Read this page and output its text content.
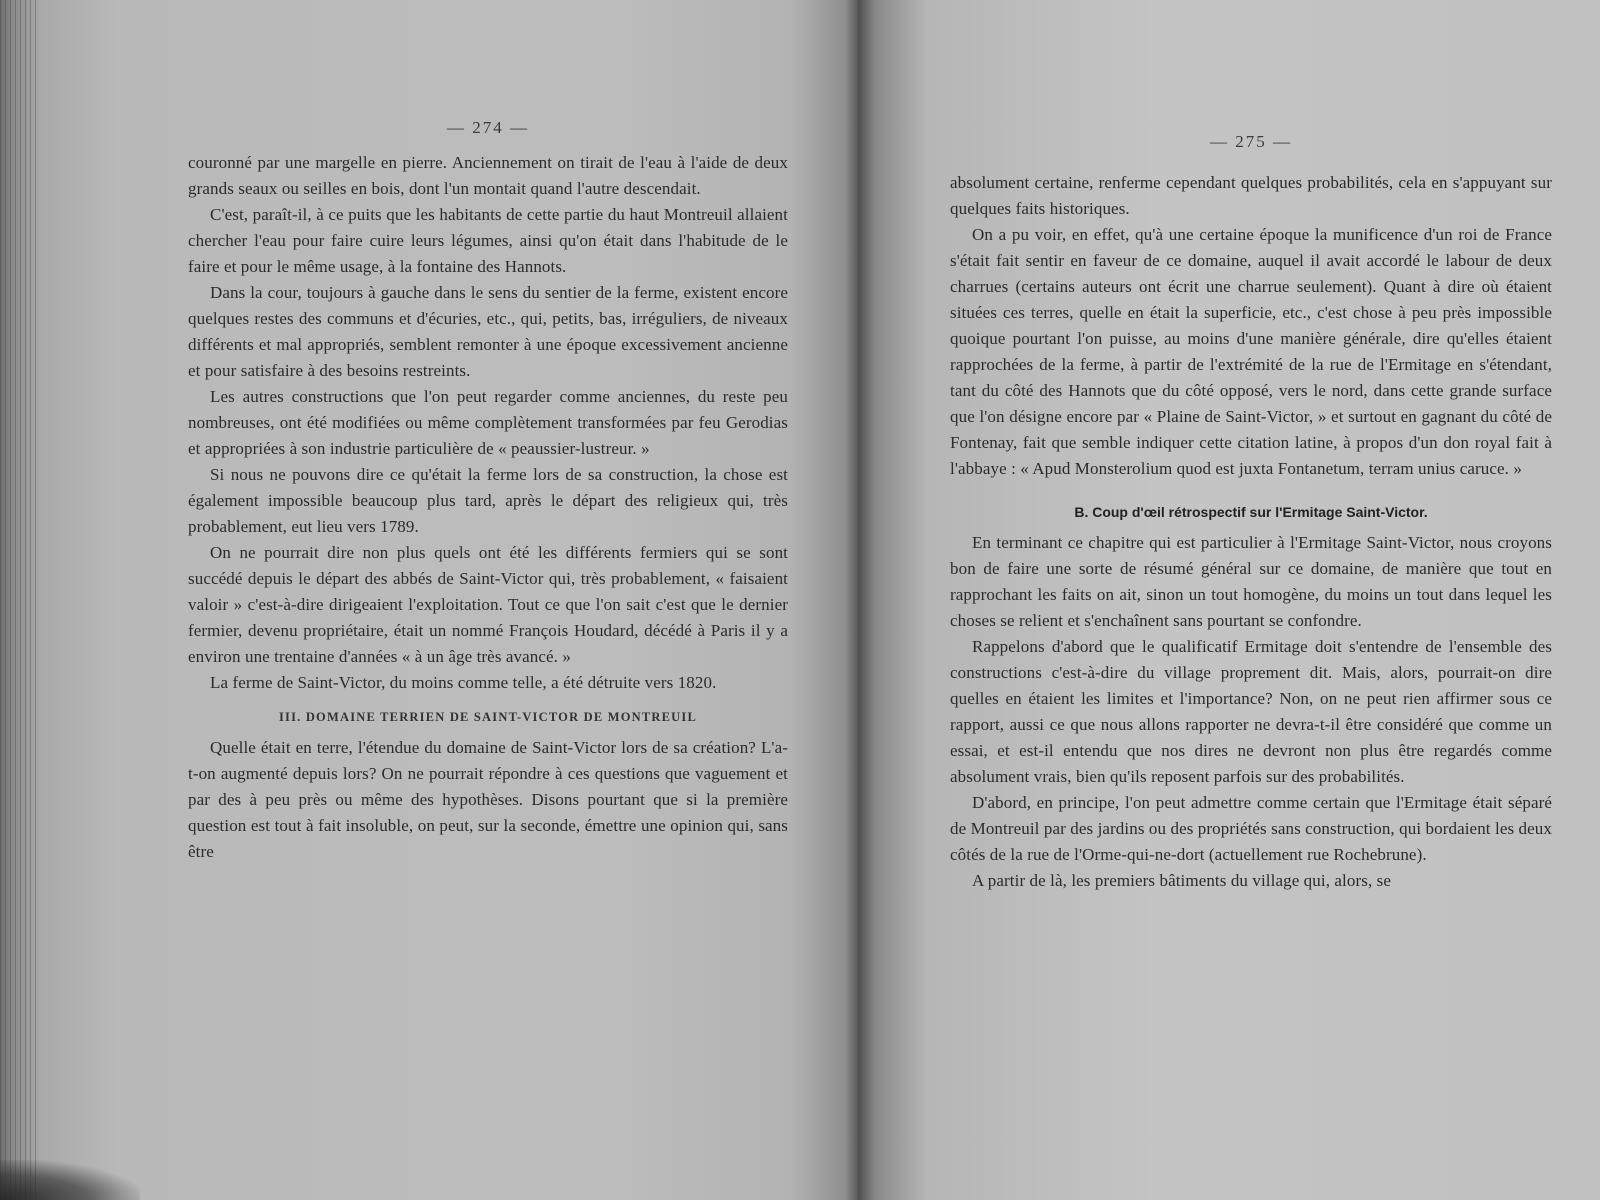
— 274 —

couronné par une margelle en pierre. Anciennement on tirait de l'eau à l'aide de deux grands seaux ou seilles en bois, dont l'un montait quand l'autre descendait.

C'est, paraît-il, à ce puits que les habitants de cette partie du haut Montreuil allaient chercher l'eau pour faire cuire leurs légumes, ainsi qu'on était dans l'habitude de le faire et pour le même usage, à la fontaine des Hannots.

Dans la cour, toujours à gauche dans le sens du sentier de la ferme, existent encore quelques restes des communs et d'écuries, etc., qui, petits, bas, irréguliers, de niveaux différents et mal appropriés, semblent remonter à une époque excessivement ancienne et pour satisfaire à des besoins restreints.

Les autres constructions que l'on peut regarder comme anciennes, du reste peu nombreuses, ont été modifiées ou même complètement transformées par feu Gerodias et appropriées à son industrie particulière de « peaussier-lustreur. »

Si nous ne pouvons dire ce qu'était la ferme lors de sa construction, la chose est également impossible beaucoup plus tard, après le départ des religieux qui, très probablement, eut lieu vers 1789.

On ne pourrait dire non plus quels ont été les différents fermiers qui se sont succédé depuis le départ des abbés de Saint-Victor qui, très probablement, « faisaient valoir » c'est-à-dire dirigeaient l'exploitation. Tout ce que l'on sait c'est que le dernier fermier, devenu propriétaire, était un nommé François Houdard, décédé à Paris il y a environ une trentaine d'années « à un âge très avancé. »

La ferme de Saint-Victor, du moins comme telle, a été détruite vers 1820.

III. DOMAINE TERRIEN DE SAINT-VICTOR DE MONTREUIL

Quelle était en terre, l'étendue du domaine de Saint-Victor lors de sa création? L'a-t-on augmenté depuis lors? On ne pourrait répondre à ces questions que vaguement et par des à peu près ou même des hypothèses. Disons pourtant que si la première question est tout à fait insoluble, on peut, sur la seconde, émettre une opinion qui, sans être

— 275 —

absolument certaine, renferme cependant quelques probabilités, cela en s'appuyant sur quelques faits historiques.

On a pu voir, en effet, qu'à une certaine époque la munificence d'un roi de France s'était fait sentir en faveur de ce domaine, auquel il avait accordé le labour de deux charrues (certains auteurs ont écrit une charrue seulement). Quant à dire où étaient situées ces terres, quelle en était la superficie, etc., c'est chose à peu près impossible quoique pourtant l'on puisse, au moins d'une manière générale, dire qu'elles étaient rapprochées de la ferme, à partir de l'extrémité de la rue de l'Ermitage en s'étendant, tant du côté des Hannots que du côté opposé, vers le nord, dans cette grande surface que l'on désigne encore par « Plaine de Saint-Victor, » et surtout en gagnant du côté de Fontenay, fait que semble indiquer cette citation latine, à propos d'un don royal fait à l'abbaye : « Apud Monsterolium quod est juxta Fontanetum, terram unius caruce. »

B. Coup d'œil rétrospectif sur l'Ermitage Saint-Victor.

En terminant ce chapitre qui est particulier à l'Ermitage Saint-Victor, nous croyons bon de faire une sorte de résumé général sur ce domaine, de manière que tout en rapprochant les faits on ait, sinon un tout homogène, du moins un tout dans lequel les choses se relient et s'enchaînent sans pourtant se confondre.

Rappelons d'abord que le qualificatif Ermitage doit s'entendre de l'ensemble des constructions c'est-à-dire du village proprement dit. Mais, alors, pourrait-on dire quelles en étaient les limites et l'importance? Non, on ne peut rien affirmer sous ce rapport, aussi ce que nous allons rapporter ne devra-t-il être considéré que comme un essai, et est-il entendu que nos dires ne devront non plus être regardés comme absolument vrais, bien qu'ils reposent parfois sur des probabilités.

D'abord, en principe, l'on peut admettre comme certain que l'Ermitage était séparé de Montreuil par des jardins ou des propriétés sans construction, qui bordaient les deux côtés de la rue de l'Orme-qui-ne-dort (actuellement rue Rochebrune).

A partir de là, les premiers bâtiments du village qui, alors, se
